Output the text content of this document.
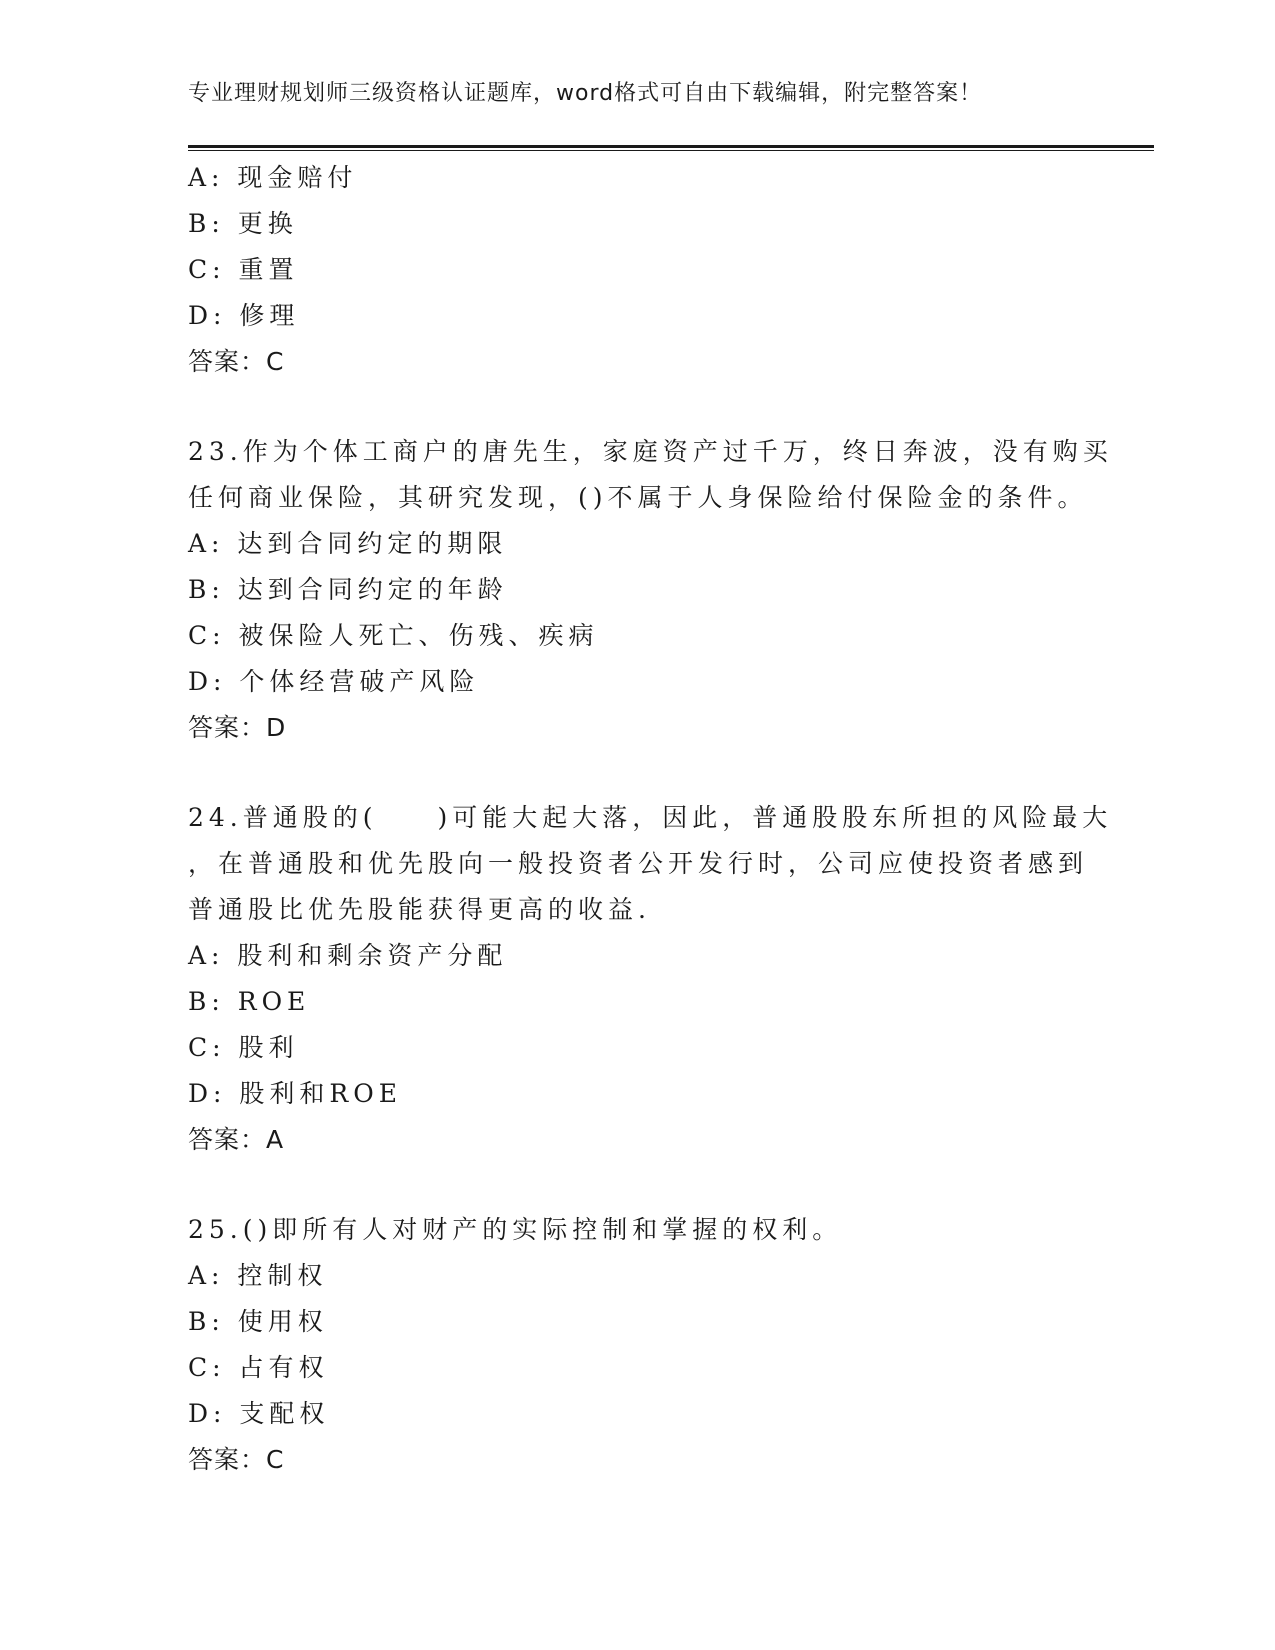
专业理财规划师三级资格认证题库，word格式可自由下载编辑，附完整答案！

A: 现金赔付

B: 更换

C: 重置

D: 修理

答案：C

23.作为个体工商户的唐先生，家庭资产过千万，终日奔波，没有购买

任何商业保险，其研究发现，()不属于人身保险给付保险金的条件。

A: 达到合同约定的期限

B: 达到合同约定的年龄

C: 被保险人死亡、伤残、疾病

D: 个体经营破产风险

答案：D

24.普通股的(　　)可能大起大落，因此，普通股股东所担的风险最大

，在普通股和优先股向一般投资者公开发行时，公司应使投资者感到

普通股比优先股能获得更高的收益.

A: 股利和剩余资产分配

B: ROE

C: 股利

D: 股利和ROE

答案：A

25.()即所有人对财产的实际控制和掌握的权利。

A: 控制权

B: 使用权

C: 占有权

D: 支配权

答案：C
